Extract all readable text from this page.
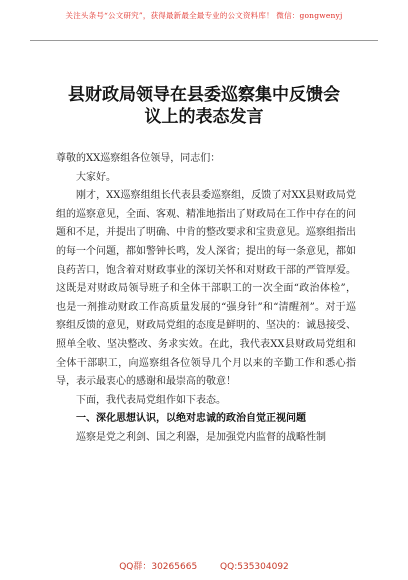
关注头条号“公文研究”，获得最新最全最专业的公文资料库！ 微信：gongwenyj
县财政局领导在县委巡察集中反馈会
议上的表态发言

尊敬的XX巡察组各位领导，同志们：

大家好。

刚才，XX巡察组组长代表县委巡察组，反馈了对XX县财政局党组的巡察意见，全面、客观、精准地指出了财政局在工作中存在的问题和不足，并提出了明确、中肯的整改要求和宝贵意见。巡察组指出的每一个问题，都如警钟长鸣，发人深省；提出的每一条意见，都如良药苦口，饱含着对财政事业的深切关怀和对财政干部的严管厚爱。这既是对财政局领导班子和全体干部职工的一次全面“政治体检”，也是一剂推动财政工作高质量发展的“强身针”和“清醒剂”。对于巡察组反馈的意见，财政局党组的态度是鲜明的、坚决的：诚恳接受、照单全收、坚决整改、务求实效。在此，我代表XX县财政局党组和全体干部职工，向巡察组各位领导几个月以来的辛勤工作和悉心指导，表示最衷心的感谢和最崇高的敬意！

下面，我代表局党组作如下表态。

一、深化思想认识，以绝对忠诚的政治自觉正视问题

巡察是党之利剑、国之利器，是加强党内监督的战略性制

QQ群：30265665	QQ:535304092
